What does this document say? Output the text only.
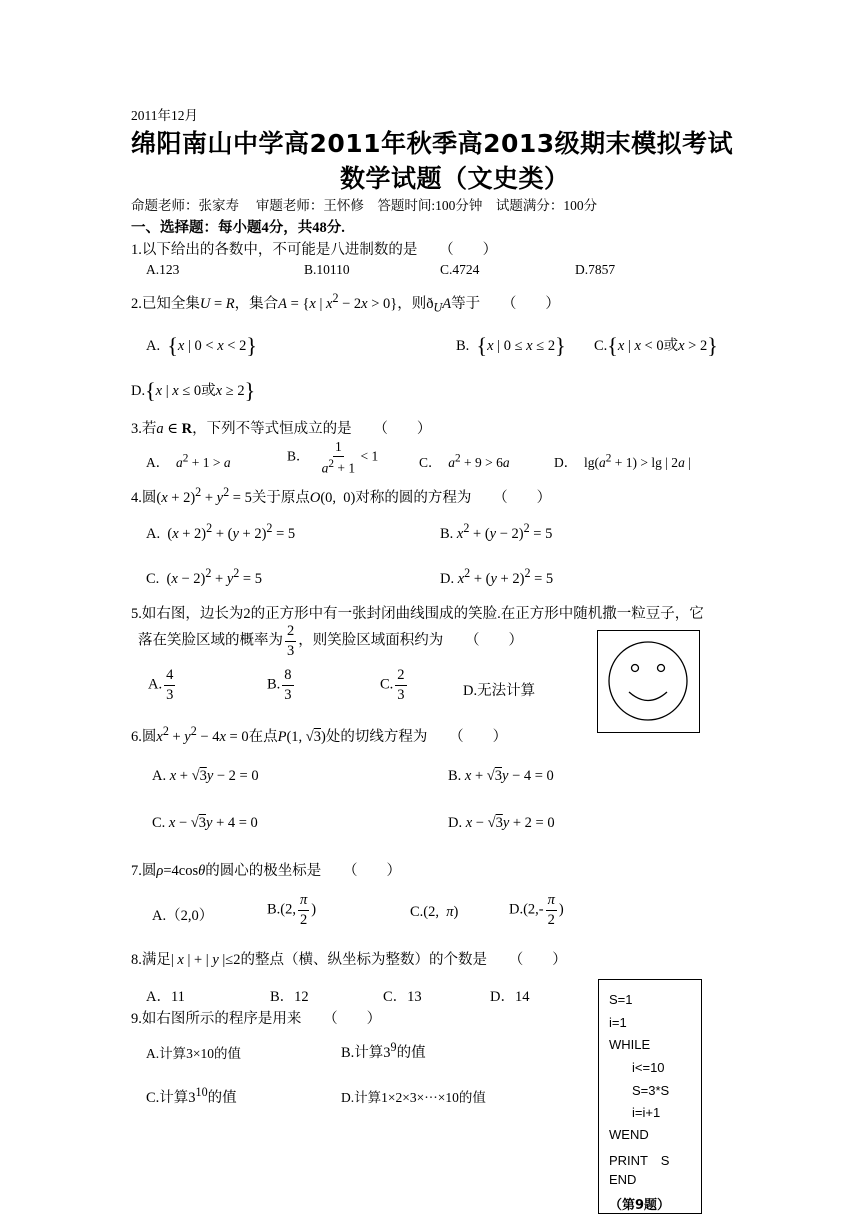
2011年12月
绵阳南山中学高2011年秋季高2013级期末模拟考试
数学试题（文史类）
命题老师：张家寿　 审题老师：王怀修　答题时间:100分钟　试题满分：100分
一、选择题：每小题4分，共48分.
1.以下给出的各数中，不可能是八进制数的是　　（　　）
A.123	B.10110	C.4724	D.7857
2.已知全集U = R，集合A = {x | $x^2 - 2x > 0$}，则$ð_UA$等于　　（　　）
A.  {x | 0 < x < 2}	B.  {x | 0 ≤ x ≤ 2} C.{x | x < 0或x > 2}
D.{x | x ≤ 0或x ≥ 2}
3.若a ∈ R，下列不等式恒成立的是　　（　　）
A． $a^2 + 1 > a$	B． $\frac{1}{a^2 + 1} < 1$	C． $a^2 + 9 > 6a$	D．  $\lg(a^2 + 1) > \lg$ | 2a |
4.圆$(x + 2)^2 + y^2 = 5$关于原点O(0,  0)对称的圆的方程为　　（　　）
A.  $(x + 2)^2 + (y + 2)^2 = 5$	B. $x^2 + (y - 2)^2 = 5$
C.  $(x - 2)^2 + y^2 = 5$	D. $x^2 + (y + 2)^2 = 5$
5.如右图，边长为2的正方形中有一张封闭曲线围成的笑脸.在正方形中随机撒一粒豆子，它
落在笑脸区域的概率为 $\frac{2}{3}$ ，则笑脸区域面积约为　　（　　）
A. $\frac{4}{3}$	B. $\frac{8}{3}$	C. $\frac{2}{3}$	D.无法计算
6.圆$x^2 + y^2 - 4x = 0$在点P(1, √3)处的切线方程为　　（　　）
A. x + √3y − 2 = 0	B. x + √3y − 4 = 0
C. x − √3y + 4 = 0	D. x − √3y + 2 = 0
7.圆ρ=4cosθ的圆心的极坐标是　　（　　）
A.（2,0）	B.(2, $\frac{\pi}{2}$ )	C.(2,  π)	$D.(2,- \frac{\pi}{2}$ )
8.满足| x | + | y |≤2的整点（横、纵坐标为整数）的个数是　　（　　）
A．11	B．12	C．13	D．14
9.如右图所示的程序是用来　　（　　）
A.计算3×10的值	B.计算$3^9$的值
C.计算$3^{10}$的值	D.计算1×2×3×···×10的值
S=1
i=1
WHILE
i<=10
S=3*S
i=i+1
WEND
PRINT　S
END
（第9题）
